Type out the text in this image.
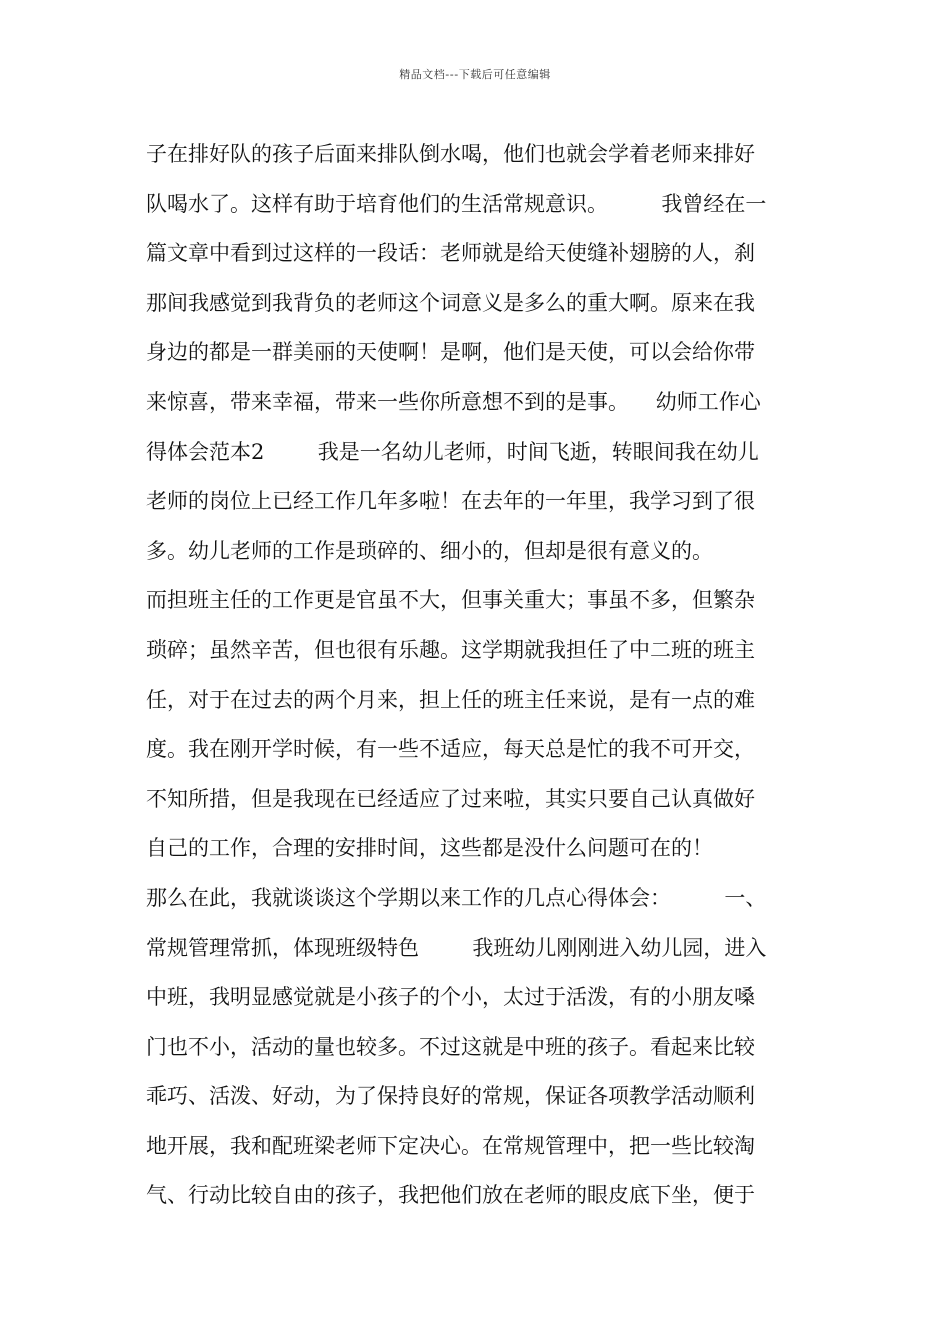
精品文档---下载后可任意编辑
子在排好队的孩子后面来排队倒水喝，他们也就会学着老师来排好
队喝水了。这样有助于培育他们的生活常规意识。        我曾经在一
篇文章中看到过这样的一段话：老师就是给天使缝补翅膀的人，刹
那间我感觉到我背负的老师这个词意义是多么的重大啊。原来在我
身边的都是一群美丽的天使啊！是啊，他们是天使，可以会给你带
来惊喜，带来幸福，带来一些你所意想不到的是事。    幼师工作心
得体会范本2        我是一名幼儿老师，时间飞逝，转眼间我在幼儿
老师的岗位上已经工作几年多啦！在去年的一年里，我学习到了很
多。幼儿老师的工作是琐碎的、细小的，但却是很有意义的。
而担班主任的工作更是官虽不大，但事关重大；事虽不多，但繁杂
琐碎；虽然辛苦，但也很有乐趣。这学期就我担任了中二班的班主
任，对于在过去的两个月来，担上任的班主任来说，是有一点的难
度。我在刚开学时候，有一些不适应，每天总是忙的我不可开交，
不知所措，但是我现在已经适应了过来啦，其实只要自己认真做好
自己的工作，合理的安排时间，这些都是没什么问题可在的！
那么在此，我就谈谈这个学期以来工作的几点心得体会：        一、
常规管理常抓，体现班级特色        我班幼儿刚刚进入幼儿园，进入
中班，我明显感觉就是小孩子的个小，太过于活泼，有的小朋友嗓
门也不小，活动的量也较多。不过这就是中班的孩子。看起来比较
乖巧、活泼、好动，为了保持良好的常规，保证各项教学活动顺利
地开展，我和配班梁老师下定决心。在常规管理中，把一些比较淘
气、行动比较自由的孩子，我把他们放在老师的眼皮底下坐，便于
